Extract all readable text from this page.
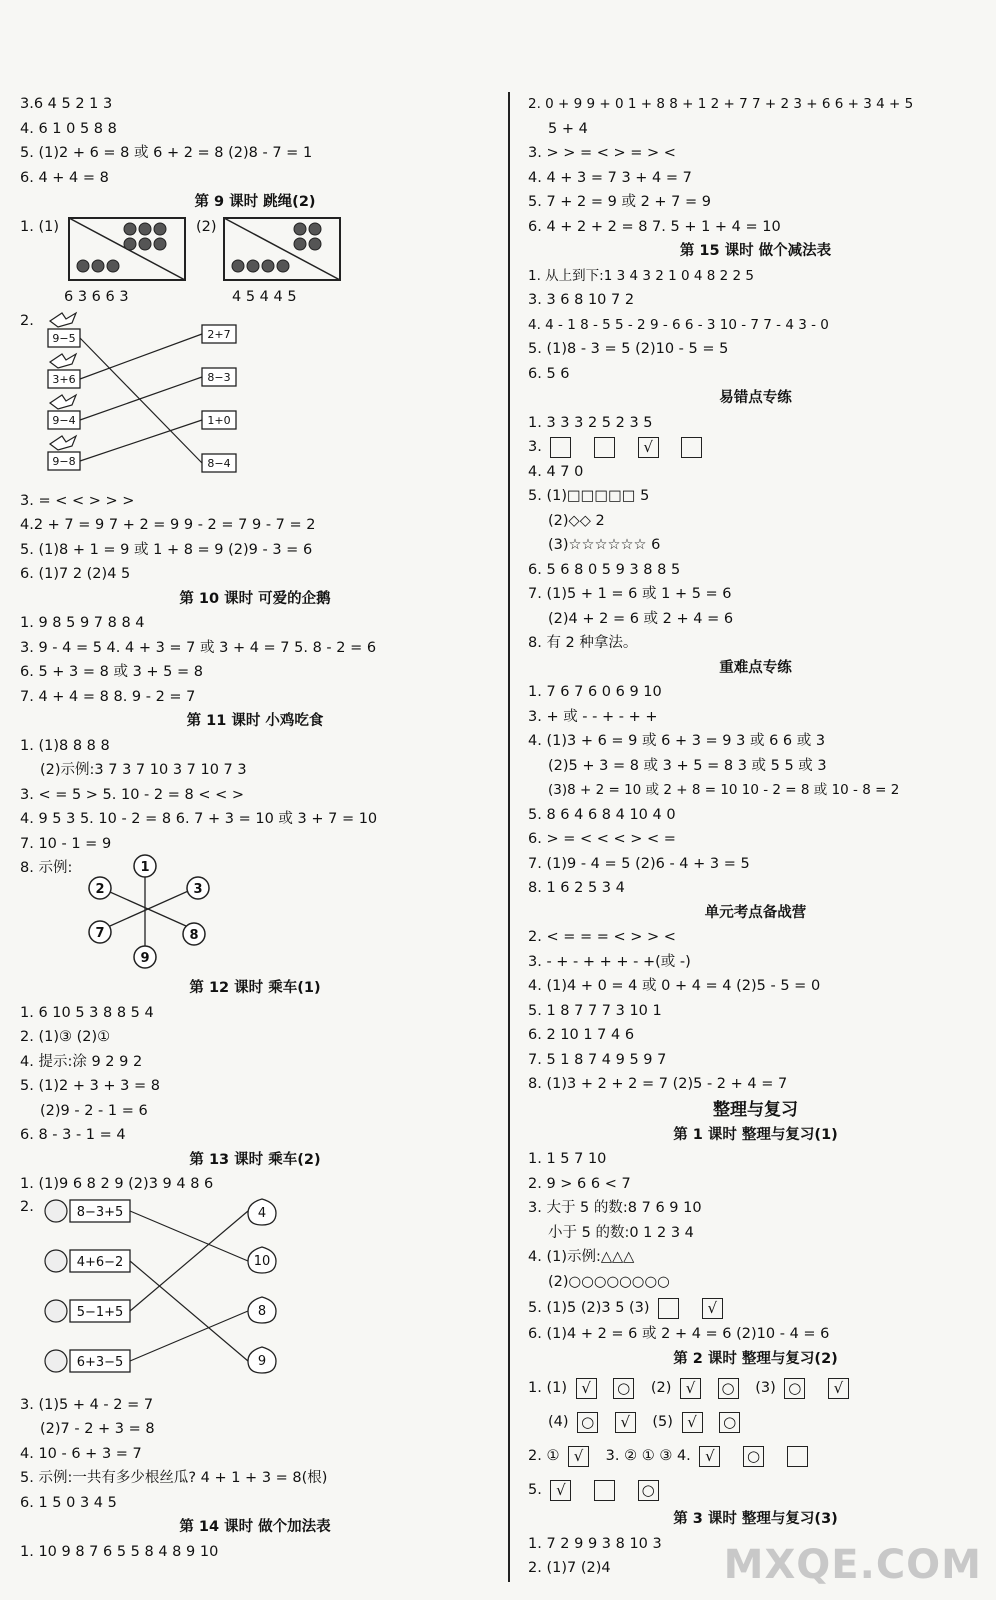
3.6 4 5 2 1 3
4. 6 1 0 5 8 8
5. (1)2 + 6 = 8 或 6 + 2 = 8 (2)8 - 7 = 1
6. 4 + 4 = 8
第 9 课时 跳绳(2)
1. (1)	(2)
6 3 6 6 3	4 5 4 4 5
2.
9−5
3+6
9−4
9−8
2+7
8−3
1+0
8−4
3. = < < > > >
4.2 + 7 = 9 7 + 2 = 9 9 - 2 = 7 9 - 7 = 2
5. (1)8 + 1 = 9 或 1 + 8 = 9 (2)9 - 3 = 6
6. (1)7 2 (2)4 5
第 10 课时 可爱的企鹅
1. 9 8 5 9 7 8 8 4
3. 9 - 4 = 5 4. 4 + 3 = 7 或 3 + 4 = 7 5. 8 - 2 = 6
6. 5 + 3 = 8 或 3 + 5 = 8
7. 4 + 4 = 8 8. 9 - 2 = 7
第 11 课时 小鸡吃食
1. (1)8 8 8 8
(2)示例:3 7 3 7 10 3 7 10 7 3
3. < = 5 > 5. 10 - 2 = 8 < < >
4. 9 5 3 5. 10 - 2 = 8 6. 7 + 3 = 10 或 3 + 7 = 10
7. 10 - 1 = 9
8. 示例:	1
2	3
7	8
9
第 12 课时 乘车(1)
1. 6 10 5 3 8 8 5 4
2. (1)③ (2)①
4. 提示:涂 9 2 9 2
5. (1)2 + 3 + 3 = 8
(2)9 - 2 - 1 = 6
6. 8 - 3 - 1 = 4
第 13 课时 乘车(2)
1. (1)9 6 8 2 9 (2)3 9 4 8 6
2.	8−3+5
4+6−2
5−1+5
6+3−5
4
10
8
9
3. (1)5 + 4 - 2 = 7
(2)7 - 2 + 3 = 8
4. 10 - 6 + 3 = 7
5. 示例:一共有多少根丝瓜? 4 + 1 + 3 = 8(根)
6. 1 5 0 3 4 5
第 14 课时 做个加法表
1. 10 9 8 7 6 5 5 8 4 8 9 10
2. 0 + 9 9 + 0 1 + 8 8 + 1 2 + 7 7 + 2 3 + 6 6 + 3 4 + 5
5 + 4
3. > > = < > = > <
4. 4 + 3 = 7 3 + 4 = 7
5. 7 + 2 = 9 或 2 + 7 = 9
6. 4 + 2 + 2 = 8 7. 5 + 1 + 4 = 10
第 15 课时 做个减法表
1. 从上到下:1 3 4 3 2 1 0 4 8 2 2 5
3. 3 6 8 10 7 2
4. 4 - 1 8 - 5 5 - 2 9 - 6 6 - 3 10 - 7 7 - 4 3 - 0
5. (1)8 - 3 = 5 (2)10 - 5 = 5
6. 5 6
易错点专练
1. 3 3 3 2 5 2 3 5
3.	√
4. 4 7 0
5. (1)□□□□□ 5
(2)◇◇ 2
(3)☆☆☆☆☆☆ 6
6. 5 6 8 0 5 9 3 8 8 5
7. (1)5 + 1 = 6 或 1 + 5 = 6
(2)4 + 2 = 6 或 2 + 4 = 6
8. 有 2 种拿法。
重难点专练
1. 7 6 7 6 0 6 9 10
3. + 或 - - + - + +
4. (1)3 + 6 = 9 或 6 + 3 = 9 3 或 6 6 或 3
(2)5 + 3 = 8 或 3 + 5 = 8 3 或 5 5 或 3
(3)8 + 2 = 10 或 2 + 8 = 10 10 - 2 = 8 或 10 - 8 = 2
5. 8 6 4 6 8 4 10 4 0
6. > = < < < > < =
7. (1)9 - 4 = 5 (2)6 - 4 + 3 = 5
8. 1 6 2 5 3 4
单元考点备战营
2. < = = = < > > <
3. - + - + + + - +(或 -)
4. (1)4 + 0 = 4 或 0 + 4 = 4 (2)5 - 5 = 0
5. 1 8 7 7 7 3 10 1
6. 2 10 1 7 4 6
7. 5 1 8 7 4 9 5 9 7
8. (1)3 + 2 + 2 = 7 (2)5 - 2 + 4 = 7
整理与复习
第 1 课时 整理与复习(1)
1. 1 5 7 10
2. 9 > 6 6 < 7
3. 大于 5 的数:8 7 6 9 10
小于 5 的数:0 1 2 3 4
4. (1)示例:△△△
(2)○○○○○○○○
5. (1)5 (2)3 5 (3)	√
6. (1)4 + 2 = 6 或 2 + 4 = 6 (2)10 - 4 = 6
第 2 课时 整理与复习(2)
1. (1) √ ○ (2) √ ○ (3) ○ √
(4) ○ √ (5) √ ○
2. ① √ 3. ② ① ③ 4. √ ○
5. √	○
第 3 课时 整理与复习(3)
1. 7 2 9 9 3 8 10 3
2. (1)7 (2)4	MXQE.COM
